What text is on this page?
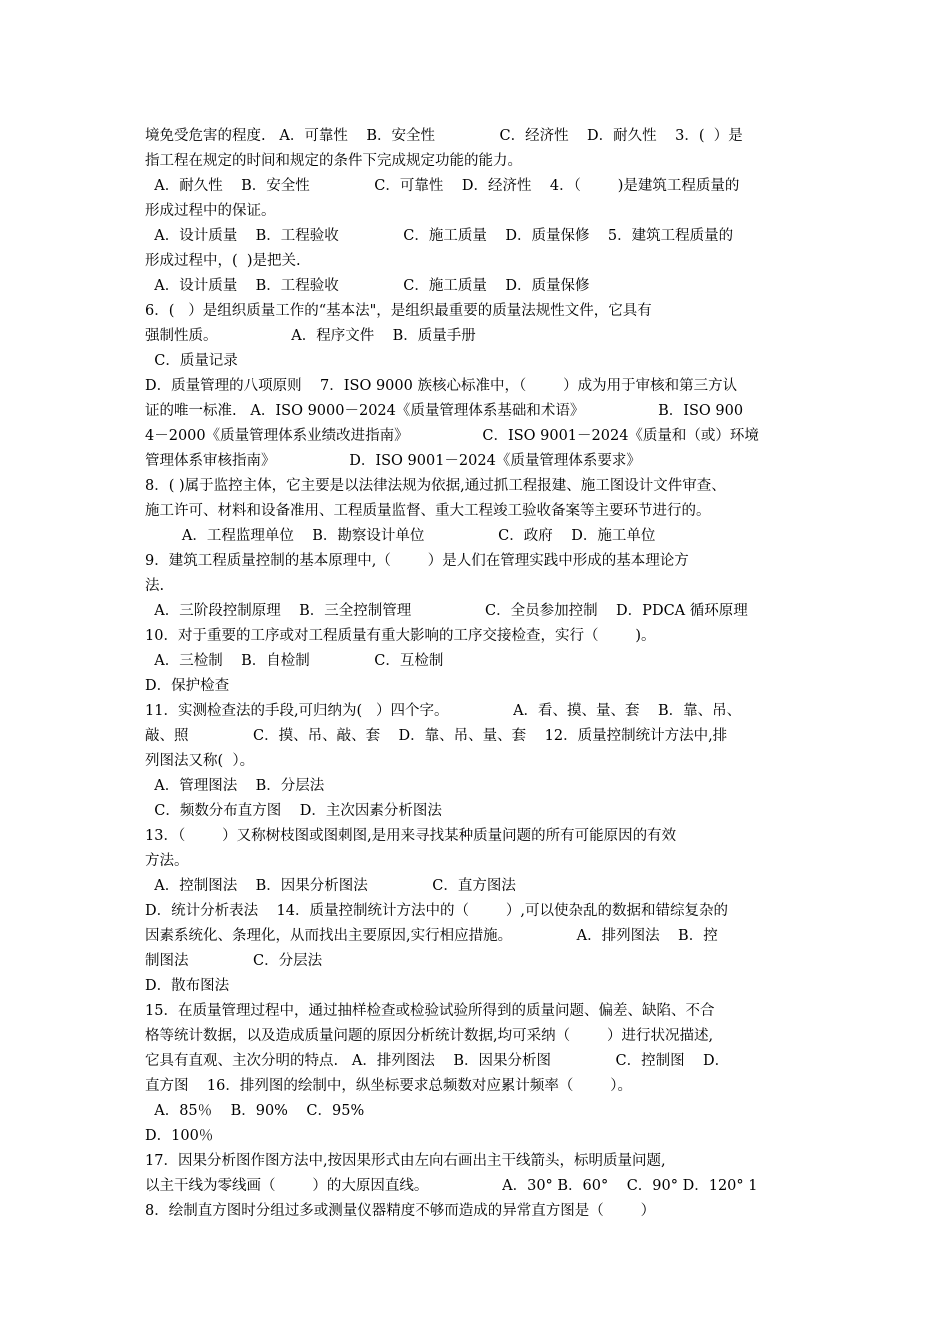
境免受危害的程度.   A．可靠性    B．安全性              C．经济性    D．耐久性    3．(  ）是
指工程在规定的时间和规定的条件下完成规定功能的能力。
A．耐久性    B．安全性              C．可靠性    D．经济性    4．（        )是建筑工程质量的
形成过程中的保证。
A．设计质量    B．工程验收              C．施工质量    D．质量保修    5．建筑工程质量的
形成过程中，(  )是把关.
A．设计质量    B．工程验收              C．施工质量    D．质量保修
6．(   ）是组织质量工作的“基本法"，是组织最重要的质量法规性文件，它具有
强制性质。                A．程序文件    B．质量手册
C．质量记录
D．质量管理的八项原则    7．ISO 9000 族核心标准中，（        ）成为用于审核和第三方认
证的唯一标准.   A．ISO 9000－2024《质量管理体系基础和术语》                B．ISO 900
4－2000《质量管理体系业绩改进指南》                C．ISO 9001－2024《质量和（或）环境
管理体系审核指南》                D．ISO 9001－2024《质量管理体系要求》
8．( )属于监控主体，它主要是以法律法规为依据,通过抓工程报建、施工图设计文件审查、
施工许可、材料和设备准用、工程质量监督、重大工程竣工验收备案等主要环节进行的。
A．工程监理单位    B．勘察设计单位                C．政府    D．施工单位
9．建筑工程质量控制的基本原理中,（        ）是人们在管理实践中形成的基本理论方
法.
A．三阶段控制原理    B．三全控制管理                C．全员参加控制    D．PDCA 循环原理
10．对于重要的工序或对工程质量有重大影响的工序交接检查，实行（        )。
A．三检制    B．自检制              C．互检制
D．保护检查
11．实测检查法的手段,可归纳为(   ）四个字。              A．看、摸、量、套    B．靠、吊、
敲、照              C．摸、吊、敲、套    D．靠、吊、量、套    12．质量控制统计方法中,排
列图法又称(  ）。
A．管理图法    B．分层法
C．频数分布直方图    D．主次因素分析图法
13．（        ）又称树枝图或图刺图,是用来寻找某种质量问题的所有可能原因的有效
方法。
A．控制图法    B．因果分析图法              C．直方图法
D．统计分析表法    14．质量控制统计方法中的（        ）,可以使杂乱的数据和错综复杂的
因素系统化、条理化，从而找出主要原因,实行相应措施。              A．排列图法    B．控
制图法              C．分层法
D．散布图法
15．在质量管理过程中，通过抽样检查或检验试验所得到的质量问题、偏差、缺陷、不合
格等统计数据，以及造成质量问题的原因分析统计数据,均可采纳（        ）进行状况描述,
它具有直观、主次分明的特点.   A．排列图法    B．因果分析图              C．控制图    D．
直方图    16．排列图的绘制中，纵坐标要求总频数对应累计频率（        ）。
A．85％    B．90%    C．95%
D．100％
17．因果分析图作图方法中,按因果形式由左向右画出主干线箭头，标明质量问题,
以主干线为零线画（        ）的大原因直线。                A．30° B．60°    C．90° D．120° 1
8．绘制直方图时分组过多或测量仪器精度不够而造成的异常直方图是（        ）
